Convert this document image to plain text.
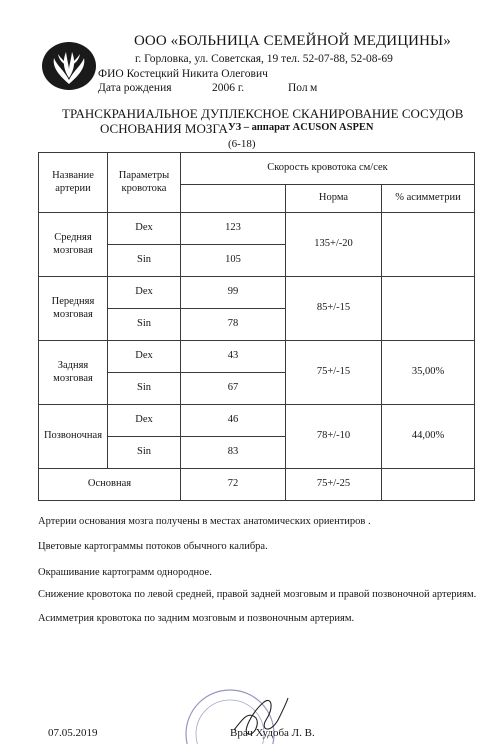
ООО «БОЛЬНИЦА СЕМЕЙНОЙ МЕДИЦИНЫ»
г. Горловка, ул. Советская, 19 тел. 52-07-88, 52-08-69
ФИО Костецкий Никита Олегович
Дата рождения	2006 г.	Пол м
ТРАНСКРАНИАЛЬНОЕ ДУПЛЕКСНОЕ СКАНИРОВАНИЕ СОСУДОВ
ОСНОВАНИЯ МОЗГА УЗ – аппарат ACUSON ASPEN
(6-18)
Название артерии	Параметры кровотока	Скорость кровотока см/сек		
			Норма	% асимметрии
Средняя мозговая	Dex	123	135+/-20	
	Sin	105		
Передняя мозговая	Dex	99	85+/-15	
	Sin	78		
Задняя мозговая	Dex	43	75+/-15	35,00%
	Sin	67		
Позвоночная	Dex	46	78+/-10	44,00%
	Sin	83		
Основная		72	75+/-25	
Артерии основания мозга получены в местах анатомических ориентиров .
Цветовые картограммы потоков обычного калибра.
Окрашивание картограмм однородное.
Снижение кровотока по левой средней, правой задней мозговым и правой позвоночной артериям.
Асимметрия кровотока по задним мозговым и позвоночным артериям.
07.05.2019	Врач Худоба Л. В.
